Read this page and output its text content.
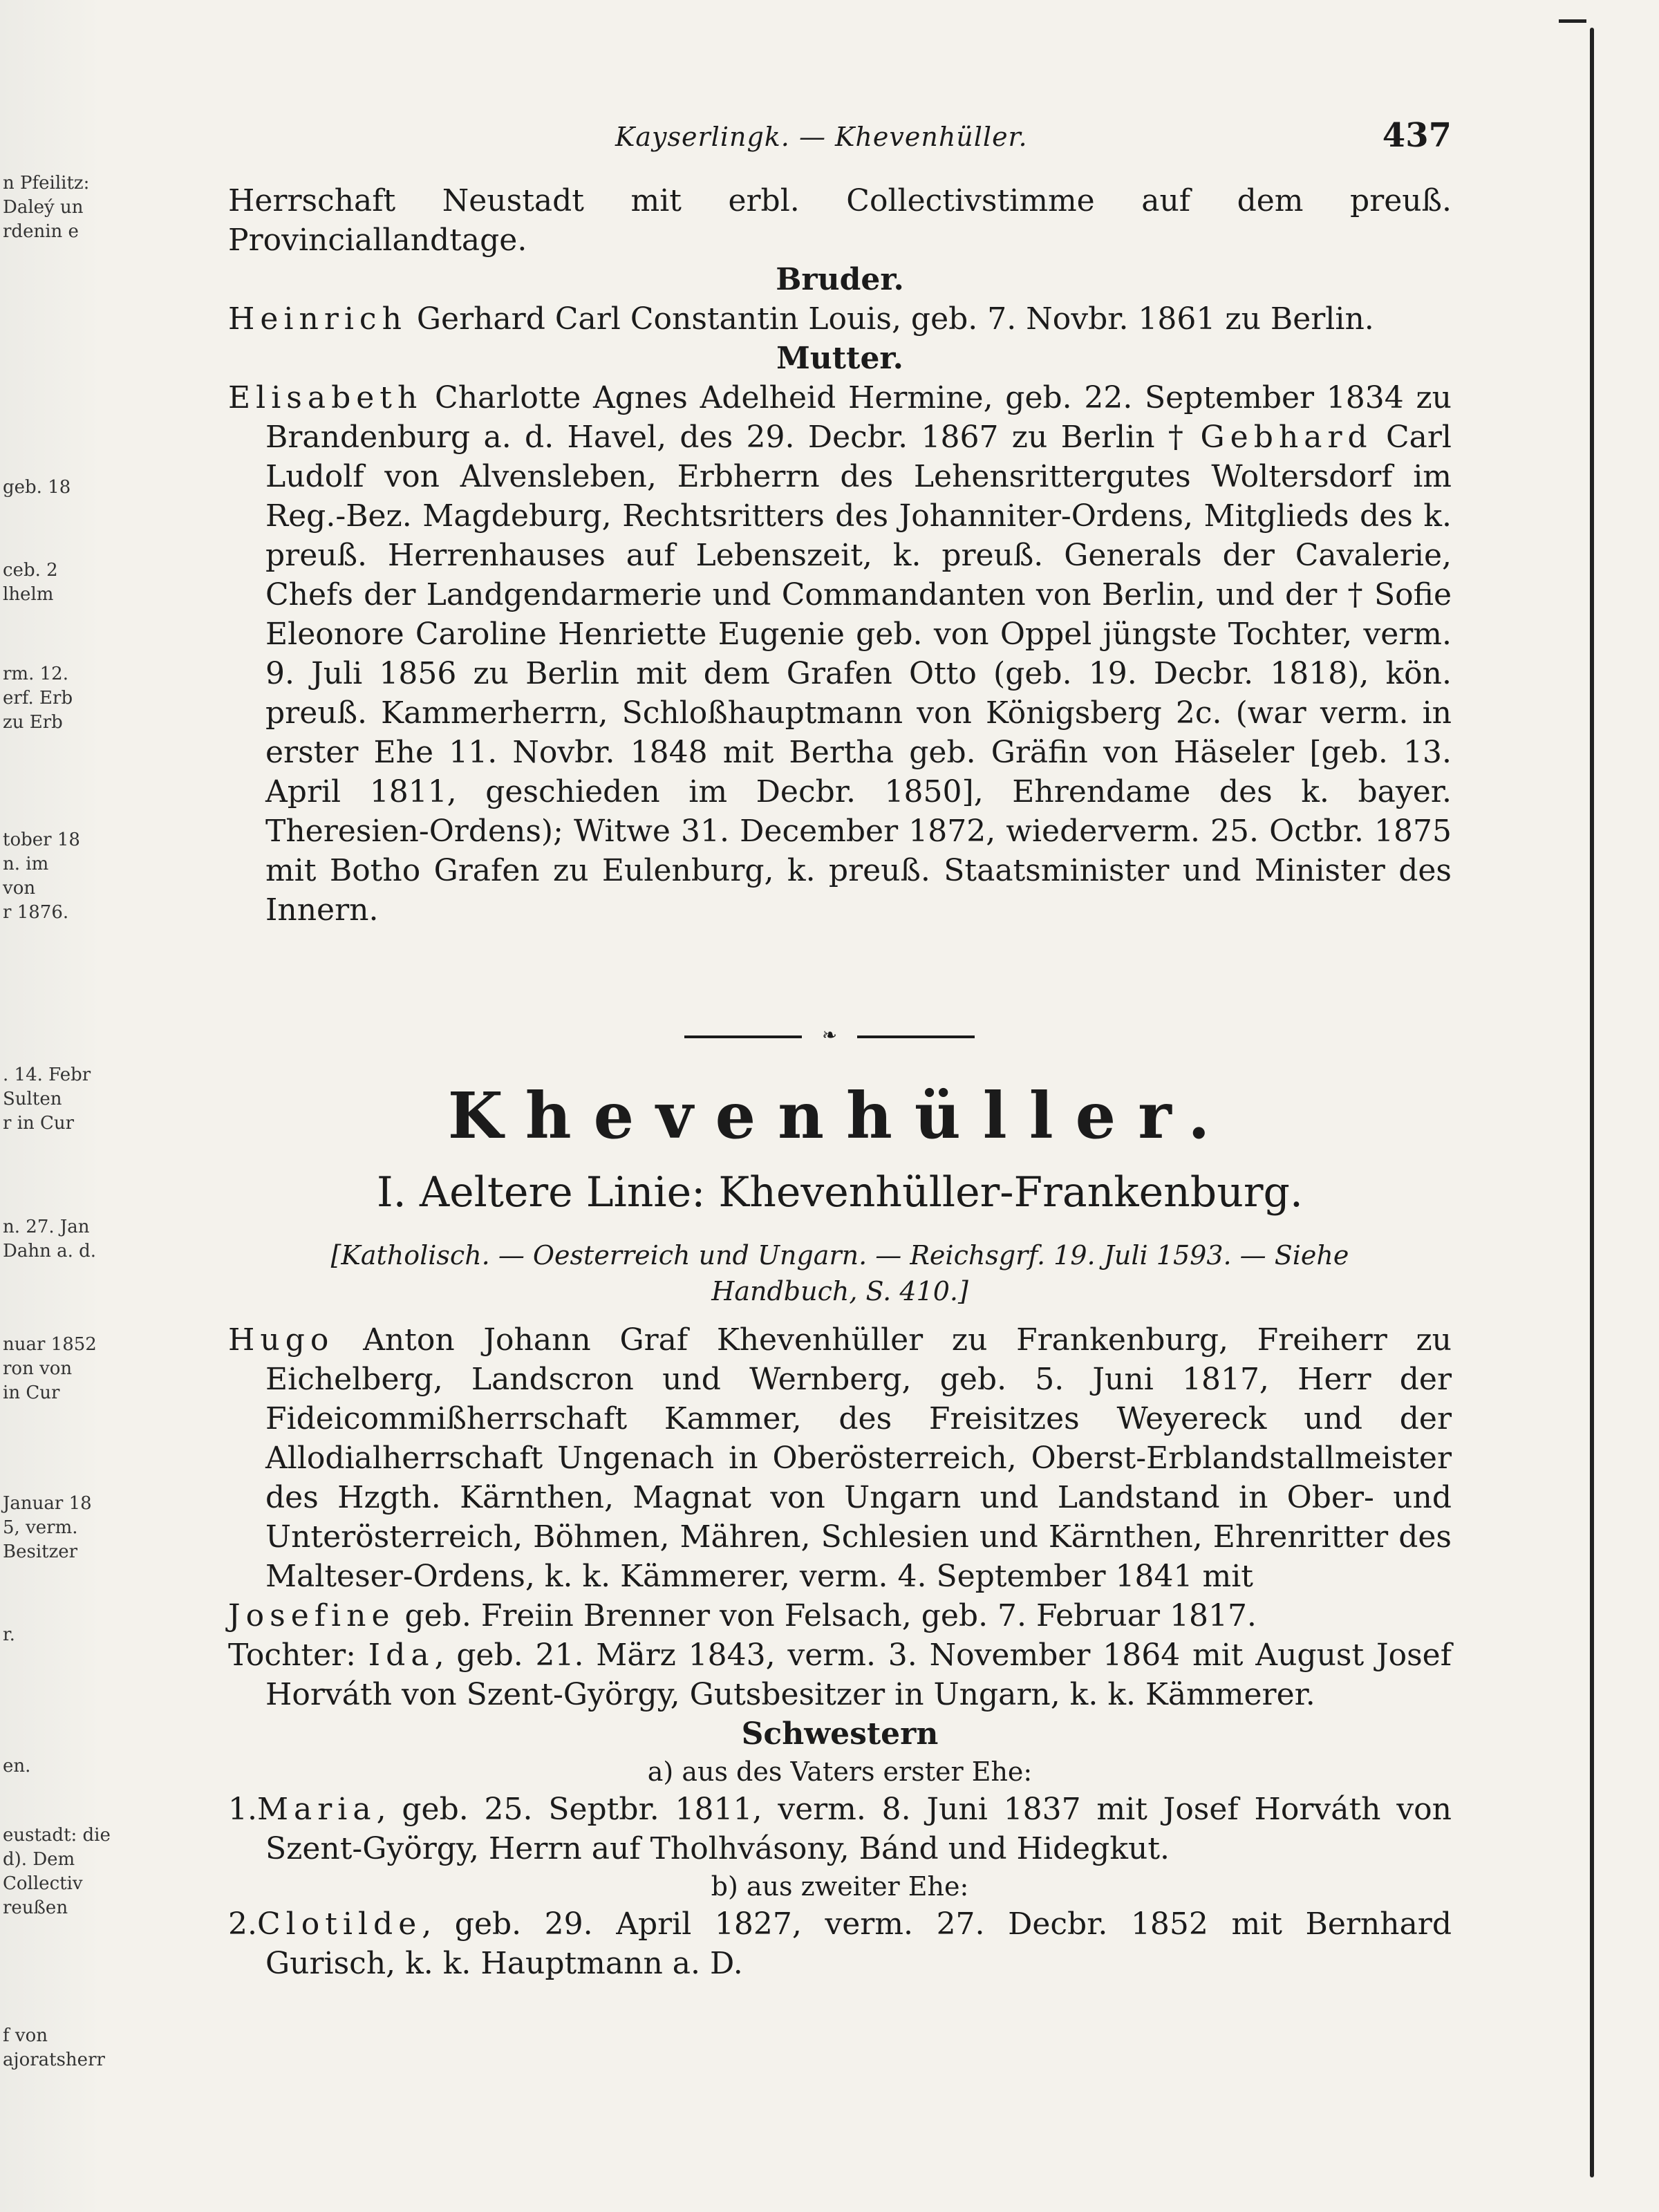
n Pfeilitz:
Daleý un
rdenin e
geb. 18
ceb. 2
lhelm
rm. 12.
erf. Erb
zu Erb
tober 18
n. im
von
r 1876.
. 14. Febr
Sulten
r in Cur
n. 27. Jan
Dahn a. d.
nuar 1852
ron von
in Cur
Januar 18
5, verm.
Besitzer
r.
en.
eustadt: die
d). Dem
Collectiv
reußen
f von
ajoratsherr
Kayserlingk. — Khevenhüller.	437

Herrschaft Neustadt mit erbl. Collectivstimme auf dem preuß. Provinciallandtage.

Bruder.

Heinrich Gerhard Carl Constantin Louis, geb. 7. Novbr. 1861 zu Berlin.

Mutter.

Elisabeth Charlotte Agnes Adelheid Hermine, geb. 22. September 1834 zu Brandenburg a. d. Havel, des 29. Decbr. 1867 zu Berlin † Gebhard Carl Ludolf von Alvensleben, Erbherrn des Lehensrittergutes Woltersdorf im Reg.-Bez. Magdeburg, Rechtsritters des Johanniter-Ordens, Mitglieds des k. preuß. Herrenhauses auf Lebenszeit, k. preuß. Generals der Cavalerie, Chefs der Landgendarmerie und Commandanten von Berlin, und der † Sofie Eleonore Caroline Henriette Eugenie geb. von Oppel jüngste Tochter, verm. 9. Juli 1856 zu Berlin mit dem Grafen Otto (geb. 19. Decbr. 1818), kön. preuß. Kammerherrn, Schloßhauptmann von Königsberg 2c. (war verm. in erster Ehe 11. Novbr. 1848 mit Bertha geb. Gräfin von Häseler [geb. 13. April 1811, geschieden im Decbr. 1850], Ehrendame des k. bayer. Theresien-Ordens); Witwe 31. December 1872, wiederverm. 25. Octbr. 1875 mit Botho Grafen zu Eulenburg, k. preuß. Staatsminister und Minister des Innern.

❧
Khevenhüller.
I. Aeltere Linie: Khevenhüller-Frankenburg.

[Katholisch. — Oesterreich und Ungarn. — Reichsgrf. 19. Juli 1593. — Siehe

Handbuch, S. 410.]

Hugo Anton Johann Graf Khevenhüller zu Frankenburg, Freiherr zu Eichelberg, Landscron und Wernberg, geb. 5. Juni 1817, Herr der Fideicommißherrschaft Kammer, des Freisitzes Weyereck und der Allodialherrschaft Ungenach in Oberösterreich, Oberst-Erblandstallmeister des Hzgth. Kärnthen, Magnat von Ungarn und Landstand in Ober- und Unterösterreich, Böhmen, Mähren, Schlesien und Kärnthen, Ehrenritter des Malteser-Ordens, k. k. Kämmerer, verm. 4. September 1841 mit

Josefine geb. Freiin Brenner von Felsach, geb. 7. Februar 1817.

Tochter: Ida, geb. 21. März 1843, verm. 3. November 1864 mit August Josef Horváth von Szent-György, Gutsbesitzer in Ungarn, k. k. Kämmerer.

Schwestern

a) aus des Vaters erster Ehe:

1.Maria, geb. 25. Septbr. 1811, verm. 8. Juni 1837 mit Josef Horváth von Szent-György, Herrn auf Tholhvásony, Bánd und Hidegkut.

b) aus zweiter Ehe:

2.Clotilde, geb. 29. April 1827, verm. 27. Decbr. 1852 mit Bernhard Gurisch, k. k. Hauptmann a. D.
